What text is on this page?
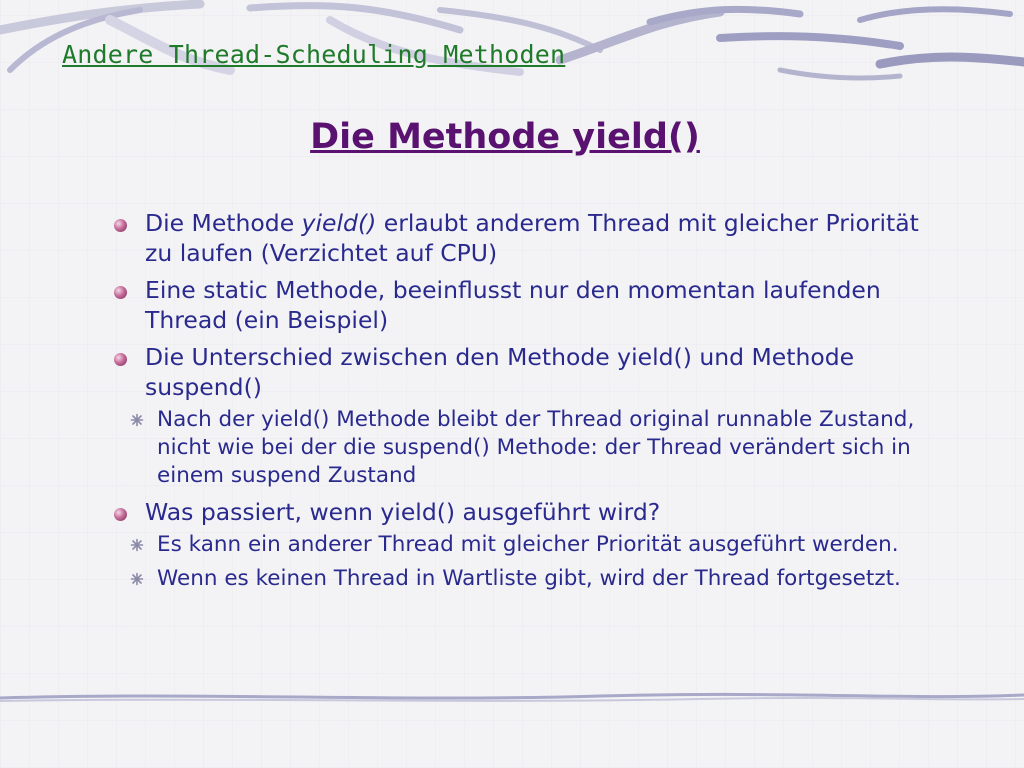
Andere Thread-Scheduling Methoden
Die Methode yield()
Die Methode yield() erlaubt anderem Thread mit gleicher Priorität zu laufen (Verzichtet auf CPU)
Eine static Methode, beeinflusst nur den momentan laufenden Thread (ein Beispiel)
Die Unterschied zwischen den Methode yield() und Methode suspend()
Nach der yield() Methode bleibt der Thread original runnable Zustand, nicht wie bei der die suspend() Methode: der Thread verändert sich in einem suspend Zustand
Was passiert, wenn yield() ausgeführt wird?
Es kann ein anderer Thread mit gleicher Priorität ausgeführt werden.
Wenn es keinen Thread in Wartliste gibt, wird der Thread fortgesetzt.
